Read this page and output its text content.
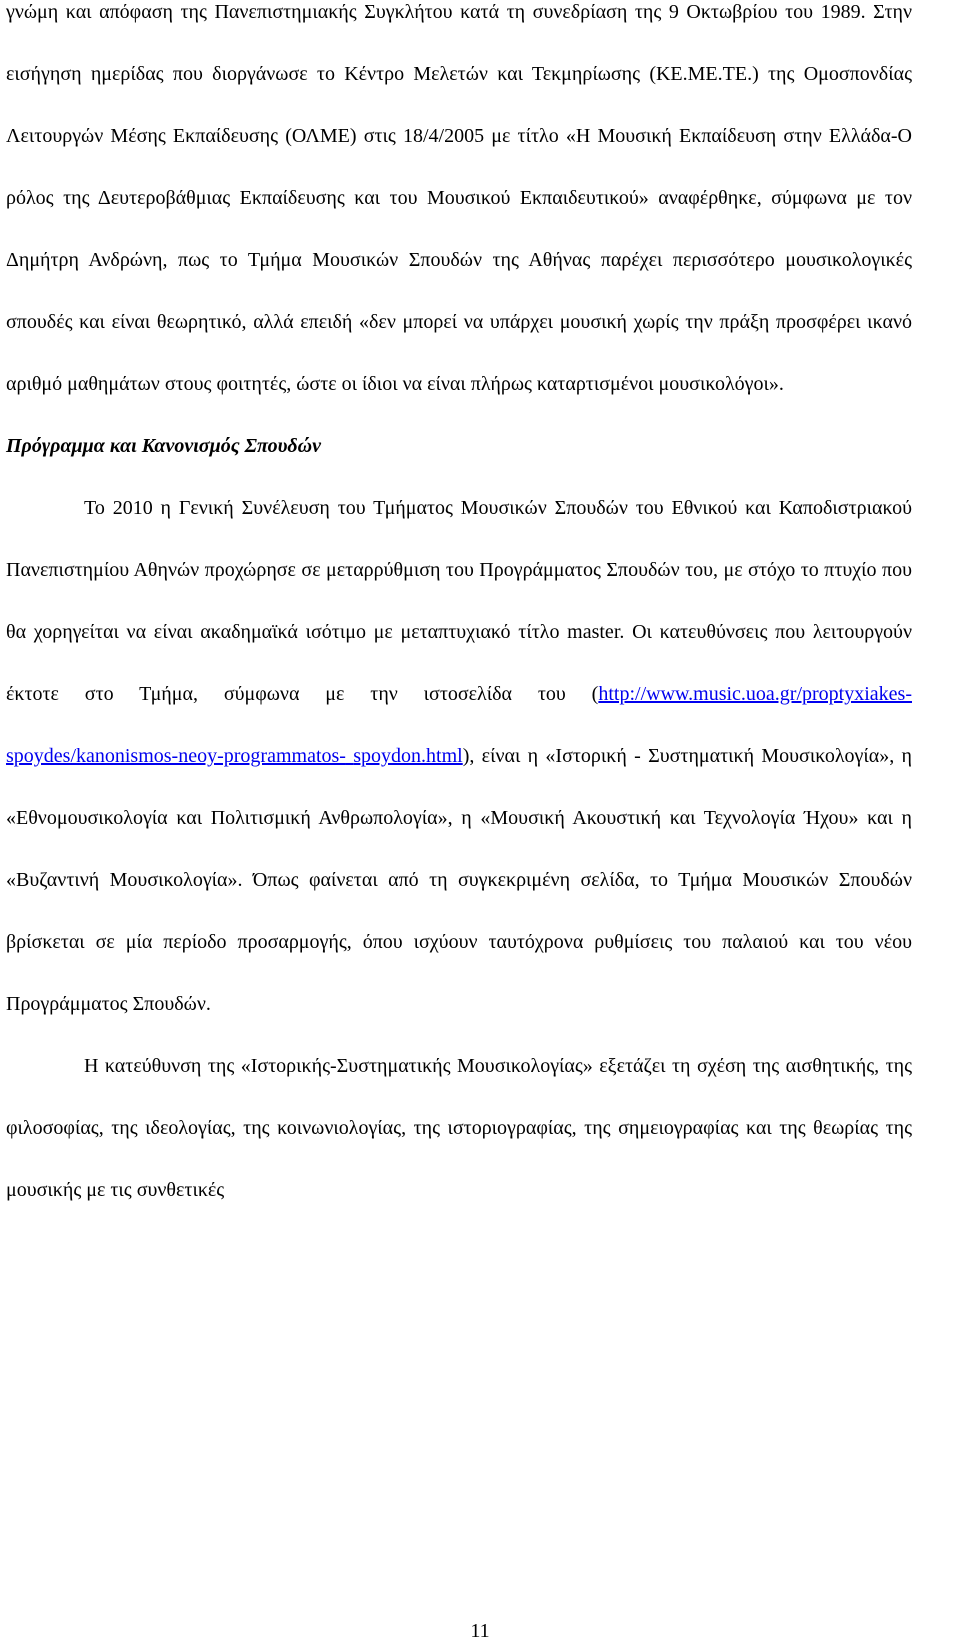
γνώμη και απόφαση της Πανεπιστημιακής Συγκλήτου κατά τη συνεδρίαση της 9 Οκτωβρίου του 1989. Στην εισήγηση ημερίδας που διοργάνωσε το Κέντρο Μελετών και Τεκμηρίωσης (ΚΕ.ΜΕ.ΤΕ.) της Ομοσπονδίας Λειτουργών Μέσης Εκπαίδευσης (ΟΛΜΕ) στις 18/4/2005 με τίτλο «Η Μουσική Εκπαίδευση στην Ελλάδα-Ο ρόλος της Δευτεροβάθμιας Εκπαίδευσης και του Μουσικού Εκπαιδευτικού» αναφέρθηκε, σύμφωνα με τον Δημήτρη Ανδρώνη, πως το Τμήμα Μουσικών Σπουδών της Αθήνας παρέχει περισσότερο μουσικολογικές σπουδές και είναι θεωρητικό, αλλά επειδή «δεν μπορεί να υπάρχει μουσική χωρίς την πράξη προσφέρει ικανό αριθμό μαθημάτων στους φοιτητές, ώστε οι ίδιοι να είναι πλήρως καταρτισμένοι μουσικολόγοι».

Πρόγραμμα και Κανονισμός Σπουδών

Το 2010 η Γενική Συνέλευση του Τμήματος Μουσικών Σπουδών του Εθνικού και Καποδιστριακού Πανεπιστημίου Αθηνών προχώρησε σε μεταρρύθμιση του Προγράμματος Σπουδών του, με στόχο το πτυχίο που θα χορηγείται να είναι ακαδημαϊκά ισότιμο με μεταπτυχιακό τίτλο master. Οι κατευθύνσεις που λειτουργούν έκτοτε στο Τμήμα, σύμφωνα με την ιστοσελίδα του (http://www.music.uoa.gr/proptyxiakes-spoydes/kanonismos-neoy-programmatos- spoydon.html), είναι η «Ιστορική - Συστηματική Μουσικολογία», η «Εθνομουσικολογία και Πολιτισμική Ανθρωπολογία», η «Μουσική Ακουστική και Τεχνολογία Ήχου» και η «Βυζαντινή Μουσικολογία». Όπως φαίνεται από τη συγκεκριμένη σελίδα, το Τμήμα Μουσικών Σπουδών βρίσκεται σε μία περίοδο προσαρμογής, όπου ισχύουν ταυτόχρονα ρυθμίσεις του παλαιού και του νέου Προγράμματος Σπουδών.

Η κατεύθυνση της «Ιστορικής-Συστηματικής Μουσικολογίας» εξετάζει τη σχέση της αισθητικής, της φιλοσοφίας, της ιδεολογίας, της κοινωνιολογίας, της ιστοριογραφίας, της σημειογραφίας και της θεωρίας της μουσικής με τις συνθετικές

11
